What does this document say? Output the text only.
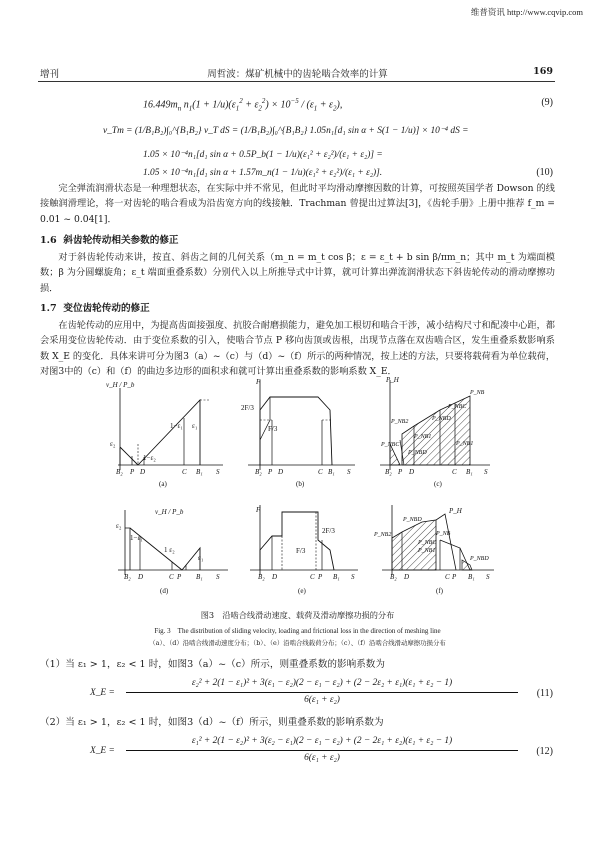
维普资讯 http://www.cqvip.com
增刊	周哲波：煤矿机械中的齿轮啮合效率的计算	169
$16.449m_n$ $n_1(1 + 1/u)(\varepsilon_1^2 + \varepsilon_2^2) \times 10^{-5} / (\varepsilon_1 + \varepsilon_2)$,	(9)
v_Tm = (1/B₁B₂)∫₀^{B₁B₂} v_T dS = (1/B₁B₂)∫₀^{B₁B₂} 1.05n₁[d₁ sin α + S(1 − 1/u)] × 10⁻⁴ dS =
1.05 × 10⁻⁴n₁[d₁ sin α + 0.5P_b(1 − 1/u)(ε₁² + ε₂²)/(ε₁ + ε₂)] =
1.05 × 10⁻⁴n₁[d₁ sin α + 1.57m_n(1 − 1/u)(ε₁² + ε₂²)/(ε₁ + ε₂)].	(10)
完全弹流润滑状态是一种理想状态，在实际中并不常见，但此时平均滑动摩擦因数的计算，可按照英国学者 Dowson 的线接触润滑理论，将一对齿轮的啮合看成为沿齿宽方向的线接触．Trachman 曾提出过算法[3]，《齿轮手册》上册中推荐 f_m = 0.01 ~ 0.04[1]．
1.6 斜齿轮传动相关参数的修正
对于斜齿轮传动来讲，按直、斜齿之间的几何关系（m_n = m_t cos β；ε = ε_t + b sin β/πm_n；其中 m_t 为端面模数；β 为分圆螺旋角；ε_t 端面重叠系数）分别代入以上所推导式中计算，就可计算出弹流润滑状态下斜齿轮传动的滑动摩擦功损．
1.7 变位齿轮传动的修正
在齿轮传动的应用中，为提高齿面接强度、抗胶合耐磨损能力，避免加工根切和啮合干涉，减小结构尺寸和配凑中心距，都会采用变位齿轮传动．由于变位系数的引入，使啮合节点 P 移向齿顶或齿根，出现节点落在双齿啮合区，发生重叠系数影响系数 X_E 的变化．具体来讲可分为图3（a）~（c）与（d）~（f）所示的两种情况，按上述的方法，只要将载荷看为单位载荷，对图3中的（c）和（f）的曲边多边形的面积求和就可计算出重叠系数的影响系数 X_E．
v_H / P_b
1−ε₁ ε₁
ε₂
1−ε₂
B₂ P D	C B₁ S
(a)
F
2F/3
F/3
B₂ P D	C B₁ S
(b)
P_H
P_NB
P_NBD
P_NBC
P_NB2
P_NB1
P_NBD
P_NB1
P_NBC
B₂ P D	C B₁ S
(c)
v_H / P_b
ε₂
1−ε₁
1 ε₂
ε₁
B₂ D	C P B₁ S
(d)
F
2F/3
F/3
B₂ D	C P B₁ S
(e)
P_H
P_NBD
P_NBC
P_NB2	P_NB
P_NB1
P_NBD
B₂ D	C P B₁ S
(f)
图3　沿啮合线滑动速度、载荷及滑动摩擦功损的分布
Fig. 3　The distribution of sliding velocity, loading and frictional loss in the direction of meshing line
（a）、（d）沿啮合线滑动速度分布；（b）、（e）沿啮合线载荷分布；（c）、（f）沿啮合线滑动摩擦功损分布
（1）当 ε₁ > 1，ε₂ < 1 时，如图3（a）~（c）所示，则重叠系数的影响系数为
X_E =
ε₂² + 2(1 − ε₁)² + 3(ε₁ − ε₂)(2 − ε₁ − ε₂) + (2 − 2ε₂ + ε₁)(ε₁ + ε₂ − 1)
6(ε₁ + ε₂)
(11)
（2）当 ε₁ > 1，ε₂ < 1 时，如图3（d）~（f）所示，则重叠系数的影响系数为
X_E =
ε₁² + 2(1 − ε₂)² + 3(ε₂ − ε₁)(2 − ε₁ − ε₂) + (2 − 2ε₁ + ε₂)(ε₁ + ε₂ − 1)
6(ε₁ + ε₂)
(12)
